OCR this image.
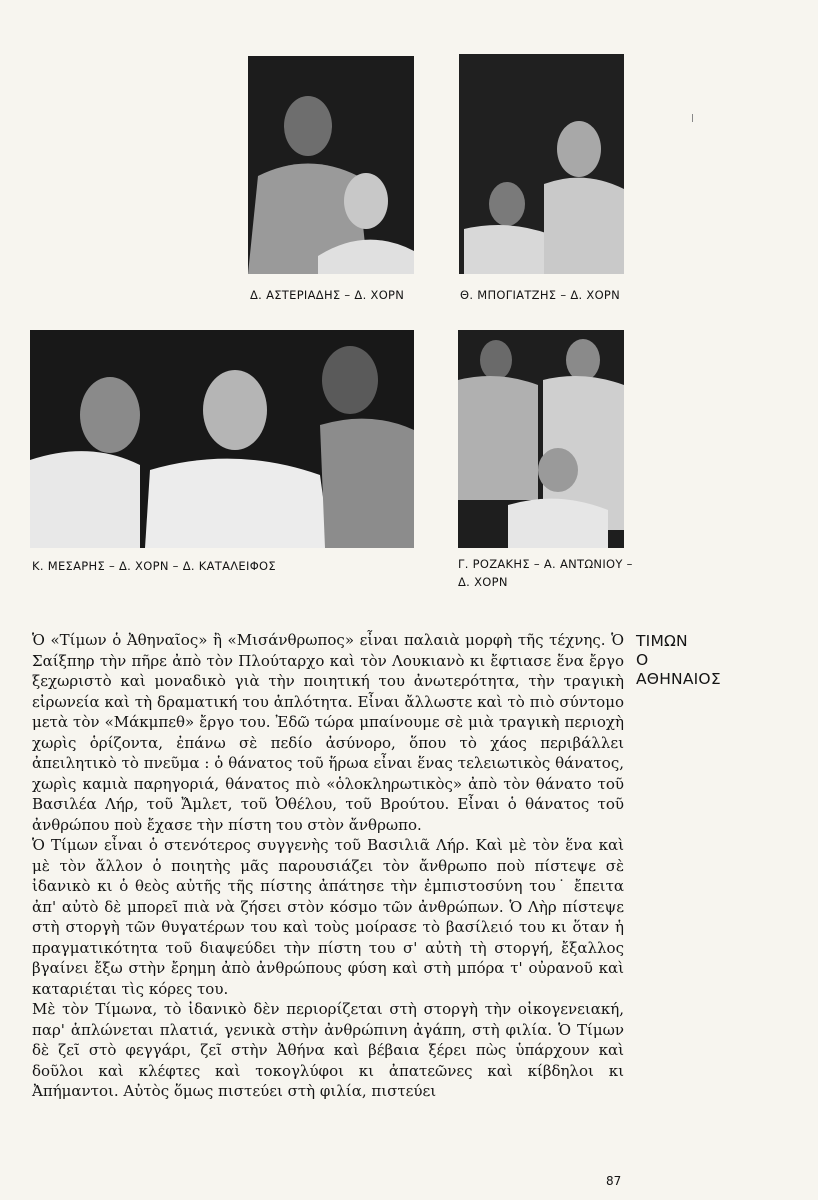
Δ. ΑΣΤΕΡΙΑΔΗΣ – Δ. ΧΟΡΝ	Θ. ΜΠΟΓΙΑΤΖΗΣ – Δ. ΧΟΡΝ
Κ. ΜΕΣΑΡΗΣ – Δ. ΧΟΡΝ – Δ. ΚΑΤΑΛΕΙΦΟΣ	Γ. ΡΟΖΑΚΗΣ – Α. ΑΝΤΩΝΙΟΥ –
Δ. ΧΟΡΝ
ΤΙΜΩΝ
Ο
ΑΘΗΝΑΙΟΣ

Ὁ «Τίμων ὁ Ἀθηναῖος» ἢ «Μισάνθρωπος» εἶναι παλαιὰ μορφὴ τῆς τέχνης. Ὁ Σαίξπηρ τὴν πῆρε ἀπὸ τὸν Πλούταρχο καὶ τὸν Λουκιανὸ κι ἔφτιασε ἕνα ἔργο ξεχωριστὸ καὶ μοναδικὸ γιὰ τὴν ποιητική του ἀνωτερότητα, τὴν τραγικὴ εἰρωνεία καὶ τὴ δραματική του ἁπλότητα. Εἶναι ἄλλωστε καὶ τὸ πιὸ σύντομο μετὰ τὸν «Μάκμπεθ» ἔργο του. Ἐδῶ τώρα μπαίνουμε σὲ μιὰ τραγικὴ περιοχὴ χωρὶς ὁρίζοντα, ἐπάνω σὲ πεδίο ἀσύνορο, ὅπου τὸ χάος περιβάλλει ἀπειλητικὸ τὸ πνεῦμα : ὁ θάνατος τοῦ ἥρωα εἶναι ἕνας τελειωτικὸς θάνατος, χωρὶς καμιὰ παρηγοριά, θάνατος πιὸ «ὁλοκληρωτικὸς» ἀπὸ τὸν θάνατο τοῦ Βασιλέα Λήρ, τοῦ Ἄμλετ, τοῦ Ὀθέλου, τοῦ Βρούτου. Εἶναι ὁ θάνατος τοῦ ἀνθρώπου ποὺ ἔχασε τὴν πίστη του στὸν ἄνθρωπο.

Ὁ Τίμων εἶναι ὁ στενότερος συγγενὴς τοῦ Βασιλιᾶ Λήρ. Καὶ μὲ τὸν ἕνα καὶ μὲ τὸν ἄλλον ὁ ποιητὴς μᾶς παρουσιάζει τὸν ἄνθρωπο ποὺ πίστεψε σὲ ἰδανικὸ κι ὁ θεὸς αὐτῆς τῆς πίστης ἀπάτησε τὴν ἐμπιστοσύνη του˙ ἔπειτα ἀπ' αὐτὸ δὲ μπορεῖ πιὰ νὰ ζήσει στὸν κόσμο τῶν ἀνθρώπων. Ὁ Λὴρ πίστεψε στὴ στοργὴ τῶν θυγατέρων του καὶ τοὺς μοίρασε τὸ βασίλειό του κι ὅταν ἡ πραγματικότητα τοῦ διαψεύδει τὴν πίστη του σ' αὐτὴ τὴ στοργή, ἔξαλλος βγαίνει ἔξω στὴν ἔρημη ἀπὸ ἀνθρώπους φύση καὶ στὴ μπόρα τ' οὐρανοῦ καὶ καταριέται τὶς κόρες του.

Μὲ τὸν Τίμωνα, τὸ ἰδανικὸ δὲν περιορίζεται στὴ στοργὴ τὴν οἰκογενειακή, παρ' ἁπλώνεται πλατιά, γενικὰ στὴν ἀνθρώπινη ἀγάπη, στὴ φιλία. Ὁ Τίμων δὲ ζεῖ στὸ φεγγάρι, ζεῖ στὴν Ἀθήνα καὶ βέβαια ξέρει πὼς ὑπάρχουν καὶ δοῦλοι καὶ κλέφτες καὶ τοκογλύφοι κι ἀπατεῶνες καὶ κίβδηλοι κι Ἀπήμαντοι. Αὐτὸς ὅμως πιστεύει στὴ φιλία, πιστεύει

87
